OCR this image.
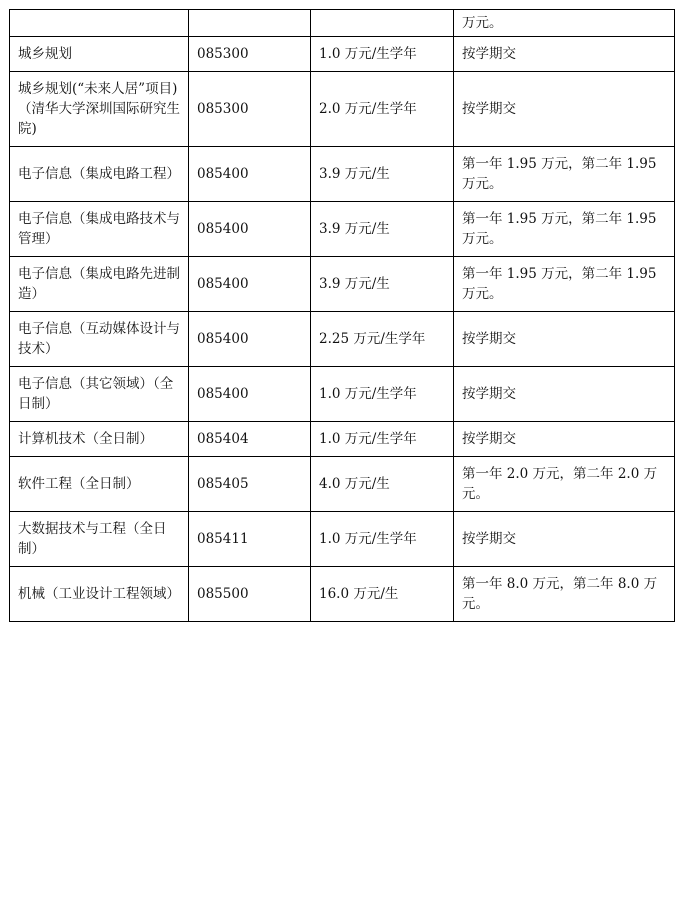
			万元。
城乡规划	085300	1.0 万元/生学年	按学期交
城乡规划(“未来人居”项目)（清华大学深圳国际研究生院)	085300	2.0 万元/生学年	按学期交
电子信息（集成电路工程）	085400	3.9 万元/生	第一年 1.95 万元，第二年 1.95 万元。
电子信息（集成电路技术与管理）	085400	3.9 万元/生	第一年 1.95 万元，第二年 1.95 万元。
电子信息（集成电路先进制造）	085400	3.9 万元/生	第一年 1.95 万元，第二年 1.95 万元。
电子信息（互动媒体设计与技术）	085400	2.25 万元/生学年	按学期交
电子信息（其它领域）（全日制）	085400	1.0 万元/生学年	按学期交
计算机技术（全日制）	085404	1.0 万元/生学年	按学期交
软件工程（全日制）	085405	4.0 万元/生	第一年 2.0 万元，第二年 2.0 万元。
大数据技术与工程（全日制）	085411	1.0 万元/生学年	按学期交
机械（工业设计工程领域）	085500	16.0 万元/生	第一年 8.0 万元，第二年 8.0 万元。
